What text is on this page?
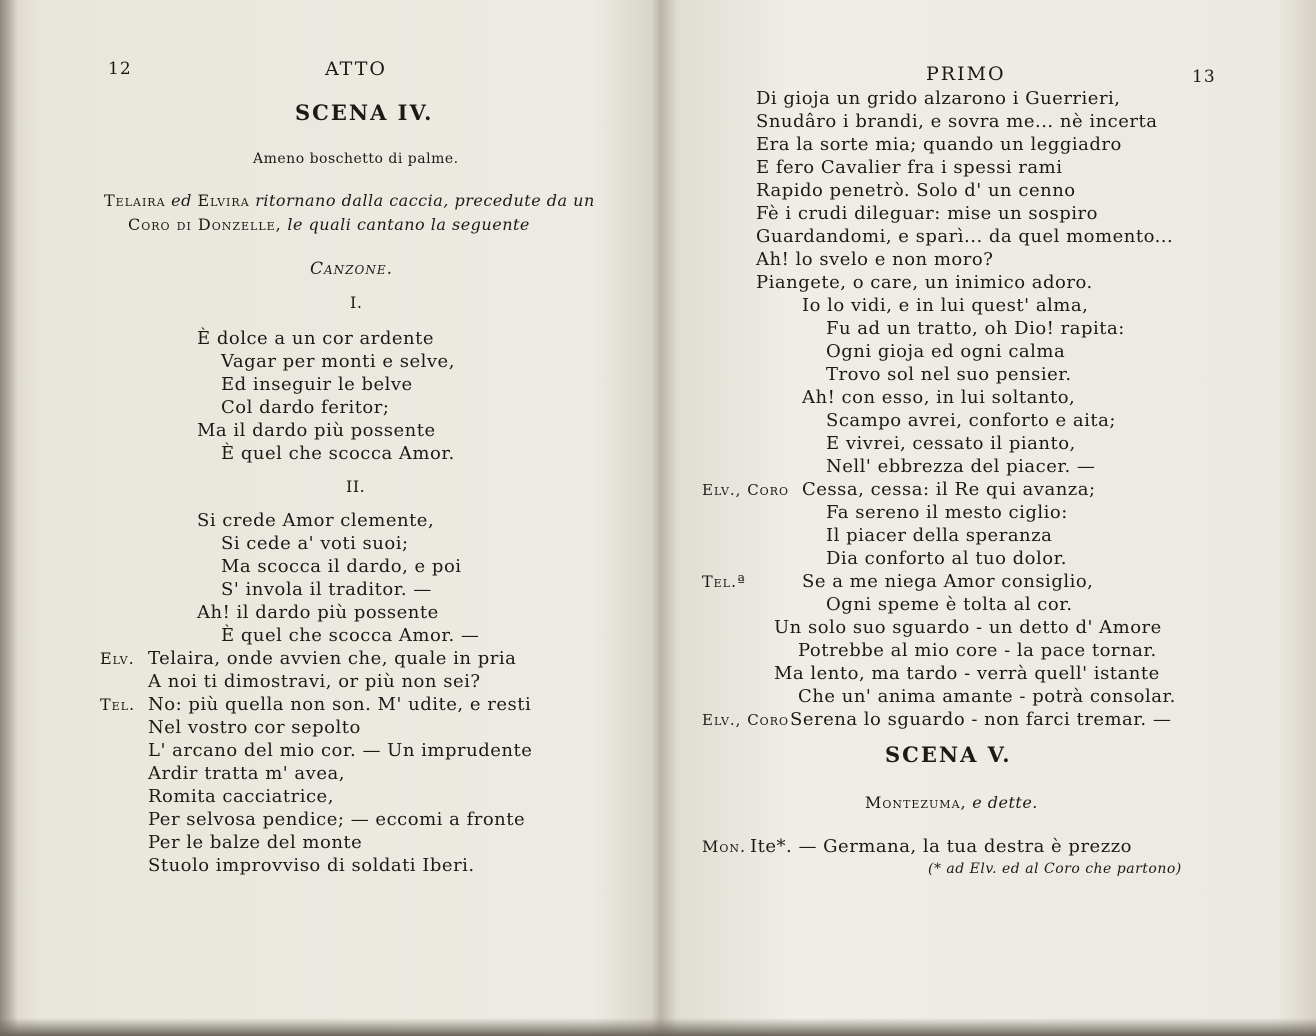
12	ATTO
SCENA IV.
Ameno boschetto di palme.
Telaira ed Elvira ritornano dalla caccia, precedute da un
Coro di Donzelle, le quali cantano la seguente
Canzone.
I.
È dolce a un cor ardente
Vagar per monti e selve,
Ed inseguir le belve
Col dardo feritor;
Ma il dardo più possente
È quel che scocca Amor.
II.
Si crede Amor clemente,
Si cede a' voti suoi;
Ma scocca il dardo, e poi
S' invola il traditor. —
Ah! il dardo più possente
È quel che scocca Amor. —
Elv. Telaira, onde avvien che, quale in pria
A noi ti dimostravi, or più non sei?
Tel. No: più quella non son. M' udite, e resti
Nel vostro cor sepolto
L' arcano del mio cor. — Un imprudente
Ardir tratta m' avea,
Romita cacciatrice,
Per selvosa pendice; — eccomi a fronte
Per le balze del monte
Stuolo improvviso di soldati Iberi.
PRIMO	13
Di gioja un grido alzarono i Guerrieri,
Snudâro i brandi, e sovra me... nè incerta
Era la sorte mia; quando un leggiadro
E fero Cavalier fra i spessi rami
Rapido penetrò. Solo d' un cenno
Fè i crudi dileguar: mise un sospiro
Guardandomi, e sparì... da quel momento...
Ah! lo svelo e non moro?
Piangete, o care, un inimico adoro.
Io lo vidi, e in lui quest' alma,
Fu ad un tratto, oh Dio! rapita:
Ogni gioja ed ogni calma
Trovo sol nel suo pensier.
Ah! con esso, in lui soltanto,
Scampo avrei, conforto e aita;
E vivrei, cessato il pianto,
Nell' ebbrezza del piacer. —
Elv., Coro Cessa, cessa: il Re qui avanza;
Fa sereno il mesto ciglio:
Il piacer della speranza
Dia conforto al tuo dolor.
Tel.ª	Se a me niega Amor consiglio,
Ogni speme è tolta al cor.
Un solo suo sguardo - un detto d' Amore
Potrebbe al mio core - la pace tornar.
Ma lento, ma tardo - verrà quell' istante
Che un' anima amante - potrà consolar.
Elv., Coro Serena lo sguardo - non farci tremar. —
SCENA V.
Montezuma, e dette.
Mon. Ite*. — Germana, la tua destra è prezzo
(* ad Elv. ed al Coro che partono)
